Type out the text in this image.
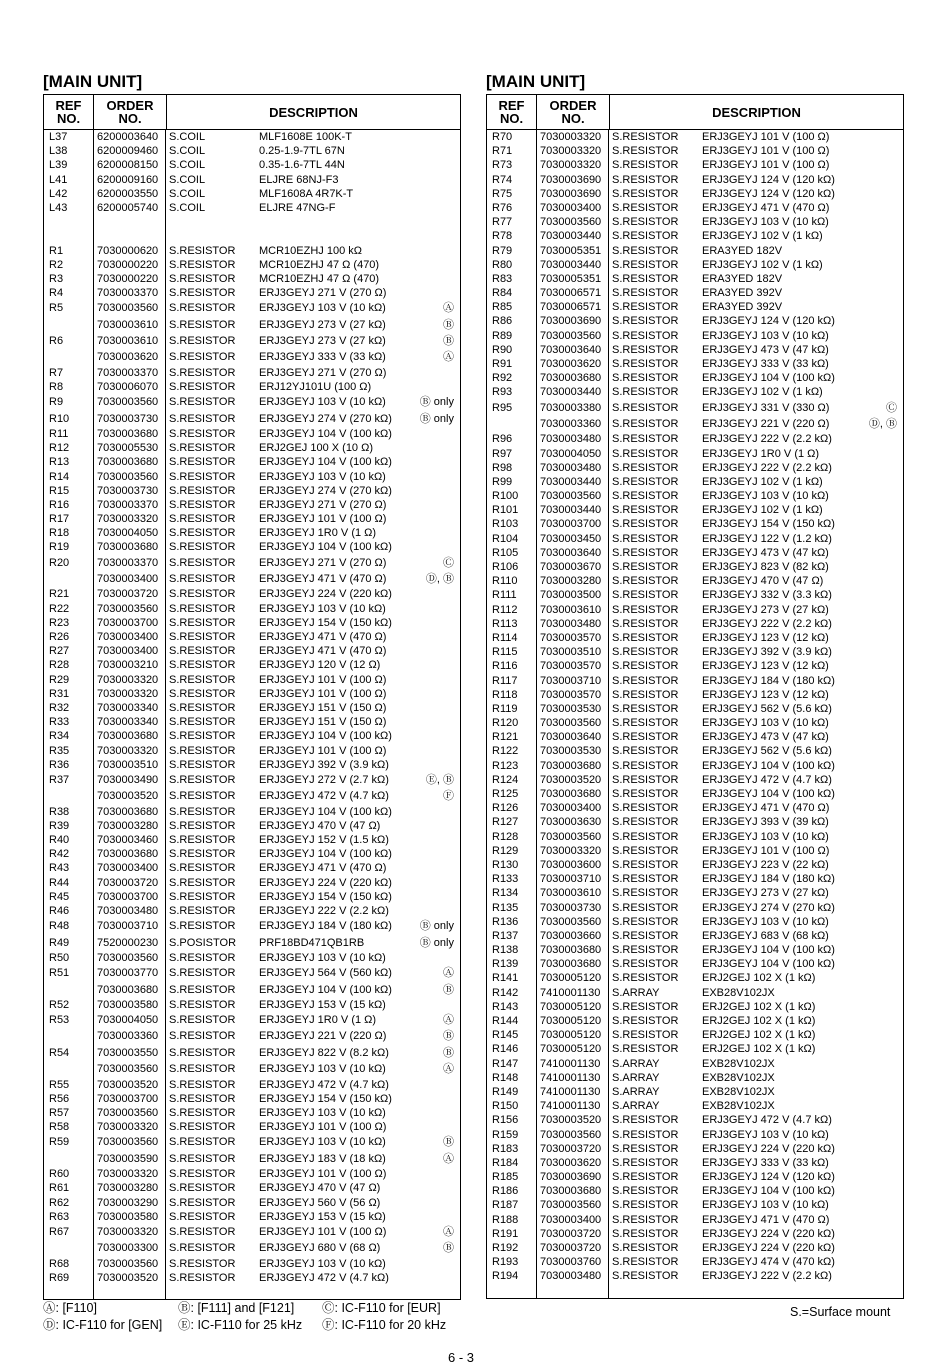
[MAIN UNIT]
REF NO.
ORDER NO.	DESCRIPTION
L37	6200003640 S.COIL	MLF1608E 100K-T
L38	6200009460 S.COIL	0.25-1.9-7TL 67N
L39	6200008150 S.COIL	0.35-1.6-7TL 44N
L41	6200009160 S.COIL	ELJRE 68NJ-F3
L42	6200003550 S.COIL	MLF1608A 4R7K-T
L43	6200005740 S.COIL	ELJRE 47NG-F
R1	7030000620 S.RESISTOR	MCR10EZHJ 100 kΩ
R2	7030000220 S.RESISTOR	MCR10EZHJ 47 Ω (470)
R3	7030000220 S.RESISTOR	MCR10EZHJ 47 Ω (470)
R4	7030003370 S.RESISTOR	ERJ3GEYJ 271 V (270 Ω)
R5	7030003560 S.RESISTOR	ERJ3GEYJ 103 V (10 kΩ)	Ⓐ
7030003610 S.RESISTOR	ERJ3GEYJ 273 V (27 kΩ)	Ⓑ
R6	7030003610 S.RESISTOR	ERJ3GEYJ 273 V (27 kΩ)	Ⓑ
7030003620 S.RESISTOR	ERJ3GEYJ 333 V (33 kΩ)	Ⓐ
R7	7030003370 S.RESISTOR	ERJ3GEYJ 271 V (270 Ω)
R8	7030006070 S.RESISTOR	ERJ12YJ101U (100 Ω)
R9	7030003560 S.RESISTOR	ERJ3GEYJ 103 V (10 kΩ)	Ⓑ only
R10	7030003730 S.RESISTOR	ERJ3GEYJ 274 V (270 kΩ)	Ⓑ only
R11	7030003680 S.RESISTOR	ERJ3GEYJ 104 V (100 kΩ)
R12	7030005530 S.RESISTOR	ERJ2GEJ 100 X (10 Ω)
R13	7030003680 S.RESISTOR	ERJ3GEYJ 104 V (100 kΩ)
R14	7030003560 S.RESISTOR	ERJ3GEYJ 103 V (10 kΩ)
R15	7030003730 S.RESISTOR	ERJ3GEYJ 274 V (270 kΩ)
R16	7030003370 S.RESISTOR	ERJ3GEYJ 271 V (270 Ω)
R17	7030003320 S.RESISTOR	ERJ3GEYJ 101 V (100 Ω)
R18	7030004050 S.RESISTOR	ERJ3GEYJ 1R0 V (1 Ω)
R19	7030003680 S.RESISTOR	ERJ3GEYJ 104 V (100 kΩ)
R20	7030003370 S.RESISTOR	ERJ3GEYJ 271 V (270 Ω)	Ⓒ
7030003400 S.RESISTOR	ERJ3GEYJ 471 V (470 Ω)	Ⓓ, Ⓑ
R21	7030003720 S.RESISTOR	ERJ3GEYJ 224 V (220 kΩ)
R22	7030003560 S.RESISTOR	ERJ3GEYJ 103 V (10 kΩ)
R23	7030003700 S.RESISTOR	ERJ3GEYJ 154 V (150 kΩ)
R26	7030003400 S.RESISTOR	ERJ3GEYJ 471 V (470 Ω)
R27	7030003400 S.RESISTOR	ERJ3GEYJ 471 V (470 Ω)
R28	7030003210 S.RESISTOR	ERJ3GEYJ 120 V (12 Ω)
R29	7030003320 S.RESISTOR	ERJ3GEYJ 101 V (100 Ω)
R31	7030003320 S.RESISTOR	ERJ3GEYJ 101 V (100 Ω)
R32	7030003340 S.RESISTOR	ERJ3GEYJ 151 V (150 Ω)
R33	7030003340 S.RESISTOR	ERJ3GEYJ 151 V (150 Ω)
R34	7030003680 S.RESISTOR	ERJ3GEYJ 104 V (100 kΩ)
R35	7030003320 S.RESISTOR	ERJ3GEYJ 101 V (100 Ω)
R36	7030003510 S.RESISTOR	ERJ3GEYJ 392 V (3.9 kΩ)
R37	7030003490 S.RESISTOR	ERJ3GEYJ 272 V (2.7 kΩ)	Ⓔ, Ⓑ
7030003520 S.RESISTOR	ERJ3GEYJ 472 V (4.7 kΩ)	Ⓕ
R38	7030003680 S.RESISTOR	ERJ3GEYJ 104 V (100 kΩ)
R39	7030003280 S.RESISTOR	ERJ3GEYJ 470 V (47 Ω)
R40	7030003460 S.RESISTOR	ERJ3GEYJ 152 V (1.5 kΩ)
R42	7030003680 S.RESISTOR	ERJ3GEYJ 104 V (100 kΩ)
R43	7030003400 S.RESISTOR	ERJ3GEYJ 471 V (470 Ω)
R44	7030003720 S.RESISTOR	ERJ3GEYJ 224 V (220 kΩ)
R45	7030003700 S.RESISTOR	ERJ3GEYJ 154 V (150 kΩ)
R46	7030003480 S.RESISTOR	ERJ3GEYJ 222 V (2.2 kΩ)
R48	7030003710 S.RESISTOR	ERJ3GEYJ 184 V (180 kΩ)	Ⓑ only
R49	7520000230 S.POSISTOR	PRF18BD471QB1RB	Ⓑ only
R50	7030003560 S.RESISTOR	ERJ3GEYJ 103 V (10 kΩ)
R51	7030003770 S.RESISTOR	ERJ3GEYJ 564 V (560 kΩ)	Ⓐ
7030003680 S.RESISTOR	ERJ3GEYJ 104 V (100 kΩ)	Ⓑ
R52	7030003580 S.RESISTOR	ERJ3GEYJ 153 V (15 kΩ)
R53	7030004050 S.RESISTOR	ERJ3GEYJ 1R0 V (1 Ω)	Ⓐ
7030003360 S.RESISTOR	ERJ3GEYJ 221 V (220 Ω)	Ⓑ
R54	7030003550 S.RESISTOR	ERJ3GEYJ 822 V (8.2 kΩ)	Ⓑ
7030003560 S.RESISTOR	ERJ3GEYJ 103 V (10 kΩ)	Ⓐ
R55	7030003520 S.RESISTOR	ERJ3GEYJ 472 V (4.7 kΩ)
R56	7030003700 S.RESISTOR	ERJ3GEYJ 154 V (150 kΩ)
R57	7030003560 S.RESISTOR	ERJ3GEYJ 103 V (10 kΩ)
R58	7030003320 S.RESISTOR	ERJ3GEYJ 101 V (100 Ω)
R59	7030003560 S.RESISTOR	ERJ3GEYJ 103 V (10 kΩ)	Ⓑ
7030003590 S.RESISTOR	ERJ3GEYJ 183 V (18 kΩ)	Ⓐ
R60	7030003320 S.RESISTOR	ERJ3GEYJ 101 V (100 Ω)
R61	7030003280 S.RESISTOR	ERJ3GEYJ 470 V (47 Ω)
R62	7030003290 S.RESISTOR	ERJ3GEYJ 560 V (56 Ω)
R63	7030003580 S.RESISTOR	ERJ3GEYJ 153 V (15 kΩ)
R67	7030003320 S.RESISTOR	ERJ3GEYJ 101 V (100 Ω)	Ⓐ
7030003300 S.RESISTOR	ERJ3GEYJ 680 V (68 Ω)	Ⓑ
R68	7030003560 S.RESISTOR	ERJ3GEYJ 103 V (10 kΩ)
R69	7030003520 S.RESISTOR	ERJ3GEYJ 472 V (4.7 kΩ)
[MAIN UNIT]
REF NO.
ORDER NO.	DESCRIPTION
R70	7030003320 S.RESISTOR	ERJ3GEYJ 101 V (100 Ω)
R71	7030003320 S.RESISTOR	ERJ3GEYJ 101 V (100 Ω)
R73	7030003320 S.RESISTOR	ERJ3GEYJ 101 V (100 Ω)
R74	7030003690 S.RESISTOR	ERJ3GEYJ 124 V (120 kΩ)
R75	7030003690 S.RESISTOR	ERJ3GEYJ 124 V (120 kΩ)
R76	7030003400 S.RESISTOR	ERJ3GEYJ 471 V (470 Ω)
R77	7030003560 S.RESISTOR	ERJ3GEYJ 103 V (10 kΩ)
R78	7030003440 S.RESISTOR	ERJ3GEYJ 102 V (1 kΩ)
R79	7030005351 S.RESISTOR	ERA3YED 182V
R80	7030003440 S.RESISTOR	ERJ3GEYJ 102 V (1 kΩ)
R83	7030005351 S.RESISTOR	ERA3YED 182V
R84	7030006571 S.RESISTOR	ERA3YED 392V
R85	7030006571 S.RESISTOR	ERA3YED 392V
R86	7030003690 S.RESISTOR	ERJ3GEYJ 124 V (120 kΩ)
R89	7030003560 S.RESISTOR	ERJ3GEYJ 103 V (10 kΩ)
R90	7030003640 S.RESISTOR	ERJ3GEYJ 473 V (47 kΩ)
R91	7030003620 S.RESISTOR	ERJ3GEYJ 333 V (33 kΩ)
R92	7030003680 S.RESISTOR	ERJ3GEYJ 104 V (100 kΩ)
R93	7030003440 S.RESISTOR	ERJ3GEYJ 102 V (1 kΩ)
R95	7030003380 S.RESISTOR	ERJ3GEYJ 331 V (330 Ω)	Ⓒ
7030003360 S.RESISTOR	ERJ3GEYJ 221 V (220 Ω)	Ⓓ, Ⓑ
R96	7030003480 S.RESISTOR	ERJ3GEYJ 222 V (2.2 kΩ)
R97	7030004050 S.RESISTOR	ERJ3GEYJ 1R0 V (1 Ω)
R98	7030003480 S.RESISTOR	ERJ3GEYJ 222 V (2.2 kΩ)
R99	7030003440 S.RESISTOR	ERJ3GEYJ 102 V (1 kΩ)
R100	7030003560 S.RESISTOR	ERJ3GEYJ 103 V (10 kΩ)
R101	7030003440 S.RESISTOR	ERJ3GEYJ 102 V (1 kΩ)
R103	7030003700 S.RESISTOR	ERJ3GEYJ 154 V (150 kΩ)
R104	7030003450 S.RESISTOR	ERJ3GEYJ 122 V (1.2 kΩ)
R105	7030003640 S.RESISTOR	ERJ3GEYJ 473 V (47 kΩ)
R106	7030003670 S.RESISTOR	ERJ3GEYJ 823 V (82 kΩ)
R110	7030003280 S.RESISTOR	ERJ3GEYJ 470 V (47 Ω)
R111	7030003500 S.RESISTOR	ERJ3GEYJ 332 V (3.3 kΩ)
R112	7030003610 S.RESISTOR	ERJ3GEYJ 273 V (27 kΩ)
R113	7030003480 S.RESISTOR	ERJ3GEYJ 222 V (2.2 kΩ)
R114	7030003570 S.RESISTOR	ERJ3GEYJ 123 V (12 kΩ)
R115	7030003510 S.RESISTOR	ERJ3GEYJ 392 V (3.9 kΩ)
R116	7030003570 S.RESISTOR	ERJ3GEYJ 123 V (12 kΩ)
R117	7030003710 S.RESISTOR	ERJ3GEYJ 184 V (180 kΩ)
R118	7030003570 S.RESISTOR	ERJ3GEYJ 123 V (12 kΩ)
R119	7030003530 S.RESISTOR	ERJ3GEYJ 562 V (5.6 kΩ)
R120	7030003560 S.RESISTOR	ERJ3GEYJ 103 V (10 kΩ)
R121	7030003640 S.RESISTOR	ERJ3GEYJ 473 V (47 kΩ)
R122	7030003530 S.RESISTOR	ERJ3GEYJ 562 V (5.6 kΩ)
R123	7030003680 S.RESISTOR	ERJ3GEYJ 104 V (100 kΩ)
R124	7030003520 S.RESISTOR	ERJ3GEYJ 472 V (4.7 kΩ)
R125	7030003680 S.RESISTOR	ERJ3GEYJ 104 V (100 kΩ)
R126	7030003400 S.RESISTOR	ERJ3GEYJ 471 V (470 Ω)
R127	7030003630 S.RESISTOR	ERJ3GEYJ 393 V (39 kΩ)
R128	7030003560 S.RESISTOR	ERJ3GEYJ 103 V (10 kΩ)
R129	7030003320 S.RESISTOR	ERJ3GEYJ 101 V (100 Ω)
R130	7030003600 S.RESISTOR	ERJ3GEYJ 223 V (22 kΩ)
R133	7030003710 S.RESISTOR	ERJ3GEYJ 184 V (180 kΩ)
R134	7030003610 S.RESISTOR	ERJ3GEYJ 273 V (27 kΩ)
R135	7030003730 S.RESISTOR	ERJ3GEYJ 274 V (270 kΩ)
R136	7030003560 S.RESISTOR	ERJ3GEYJ 103 V (10 kΩ)
R137	7030003660 S.RESISTOR	ERJ3GEYJ 683 V (68 kΩ)
R138	7030003680 S.RESISTOR	ERJ3GEYJ 104 V (100 kΩ)
R139	7030003680 S.RESISTOR	ERJ3GEYJ 104 V (100 kΩ)
R141	7030005120 S.RESISTOR	ERJ2GEJ 102 X (1 kΩ)
R142	7410001130	S.ARRAY	EXB28V102JX
R143	7030005120 S.RESISTOR	ERJ2GEJ 102 X (1 kΩ)
R144	7030005120 S.RESISTOR	ERJ2GEJ 102 X (1 kΩ)
R145	7030005120 S.RESISTOR	ERJ2GEJ 102 X (1 kΩ)
R146	7030005120 S.RESISTOR	ERJ2GEJ 102 X (1 kΩ)
R147	7410001130	S.ARRAY	EXB28V102JX
R148	7410001130	S.ARRAY	EXB28V102JX
R149	7410001130	S.ARRAY	EXB28V102JX
R150	7410001130	S.ARRAY	EXB28V102JX
R156	7030003520 S.RESISTOR	ERJ3GEYJ 472 V (4.7 kΩ)
R159	7030003560 S.RESISTOR	ERJ3GEYJ 103 V (10 kΩ)
R183	7030003720 S.RESISTOR	ERJ3GEYJ 224 V (220 kΩ)
R184	7030003620 S.RESISTOR	ERJ3GEYJ 333 V (33 kΩ)
R185	7030003690 S.RESISTOR	ERJ3GEYJ 124 V (120 kΩ)
R186	7030003680 S.RESISTOR	ERJ3GEYJ 104 V (100 kΩ)
R187	7030003560 S.RESISTOR	ERJ3GEYJ 103 V (10 kΩ)
R188	7030003400 S.RESISTOR	ERJ3GEYJ 471 V (470 Ω)
R191	7030003720 S.RESISTOR	ERJ3GEYJ 224 V (220 kΩ)
R192	7030003720 S.RESISTOR	ERJ3GEYJ 224 V (220 kΩ)
R193	7030003760 S.RESISTOR	ERJ3GEYJ 474 V (470 kΩ)
R194	7030003480 S.RESISTOR	ERJ3GEYJ 222 V (2.2 kΩ)
Ⓐ: [F110]	Ⓑ: [F111] and [F121]	Ⓒ: IC-F110 for [EUR]
Ⓓ: IC-F110 for [GEN]	Ⓔ: IC-F110 for 25 kHz	Ⓕ: IC-F110 for 20 kHz
S.=Surface mount
6 - 3
